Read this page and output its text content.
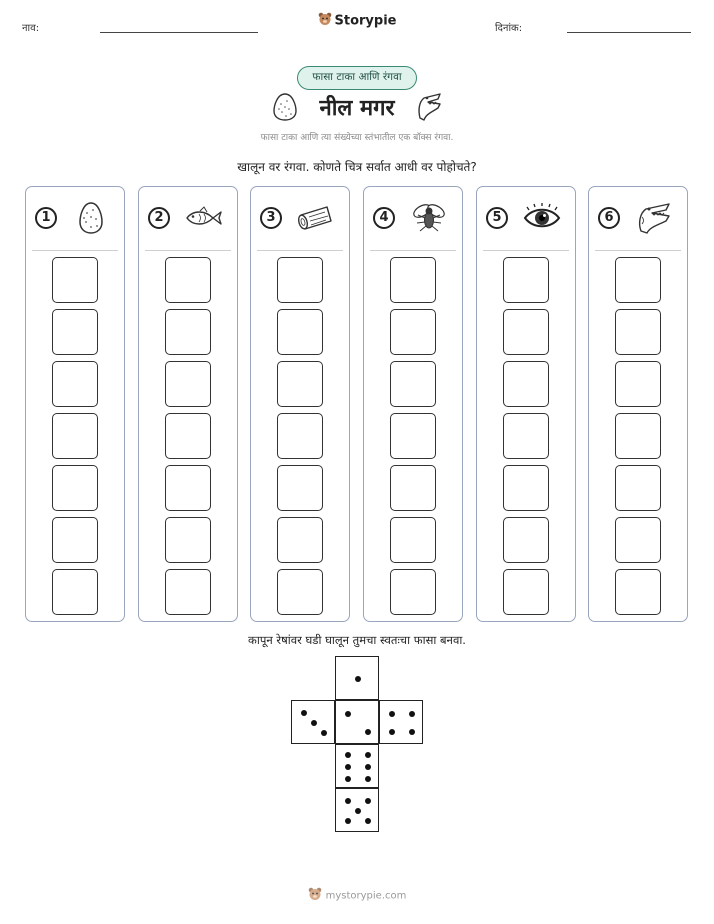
नाव:	Storypie	दिनांक:
फासा टाका आणि रंगवा
नील मगर
फासा टाका आणि त्या संख्येच्या स्तंभातील एक बॉक्स रंगवा.
खालून वर रंगवा. कोणते चित्र सर्वात आधी वर पोहोचते?
1	2	3	4	5	6
कापून रेषांवर घडी घालून तुमचा स्वतःचा फासा बनवा.
mystorypie.com
